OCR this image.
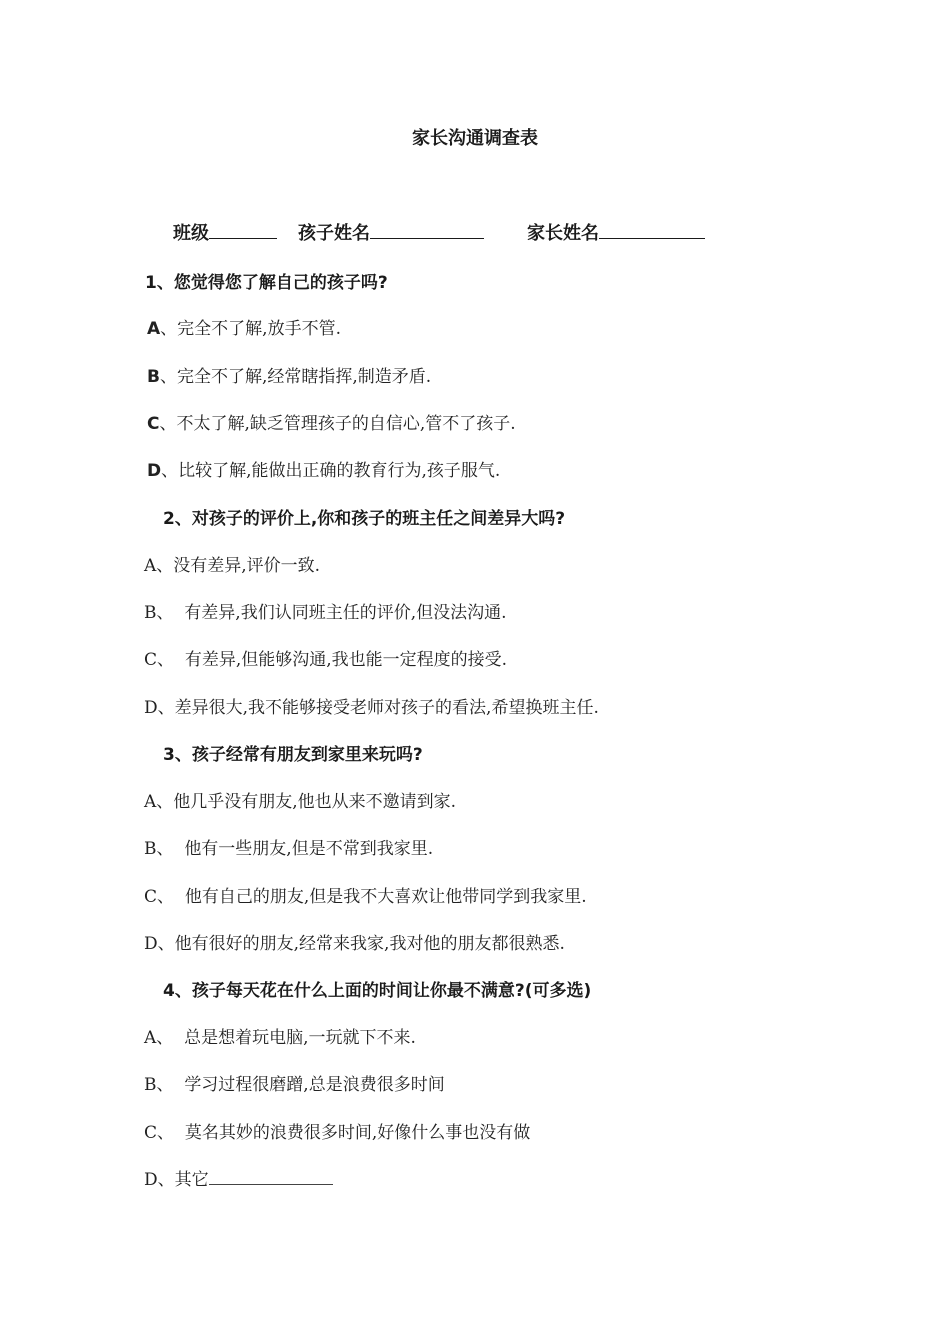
家长沟通调查表
班级	孩子姓名	家长姓名
1、您觉得您了解自己的孩子吗?
A、完全不了解,放手不管.
B、完全不了解,经常瞎指挥,制造矛盾.
C、不太了解,缺乏管理孩子的自信心,管不了孩子.
D、比较了解,能做出正确的教育行为,孩子服气.
2、对孩子的评价上,你和孩子的班主任之间差异大吗?
A、没有差异,评价一致.
B、  有差异,我们认同班主任的评价,但没法沟通.
C、  有差异,但能够沟通,我也能一定程度的接受.
D、差异很大,我不能够接受老师对孩子的看法,希望换班主任.
3、孩子经常有朋友到家里来玩吗?
A、他几乎没有朋友,他也从来不邀请到家.
B、  他有一些朋友,但是不常到我家里.
C、  他有自己的朋友,但是我不大喜欢让他带同学到我家里.
D、他有很好的朋友,经常来我家,我对他的朋友都很熟悉.
4、孩子每天花在什么上面的时间让你最不满意?(可多选)
A、  总是想着玩电脑,一玩就下不来.
B、  学习过程很磨蹭,总是浪费很多时间
C、  莫名其妙的浪费很多时间,好像什么事也没有做
D、其它
